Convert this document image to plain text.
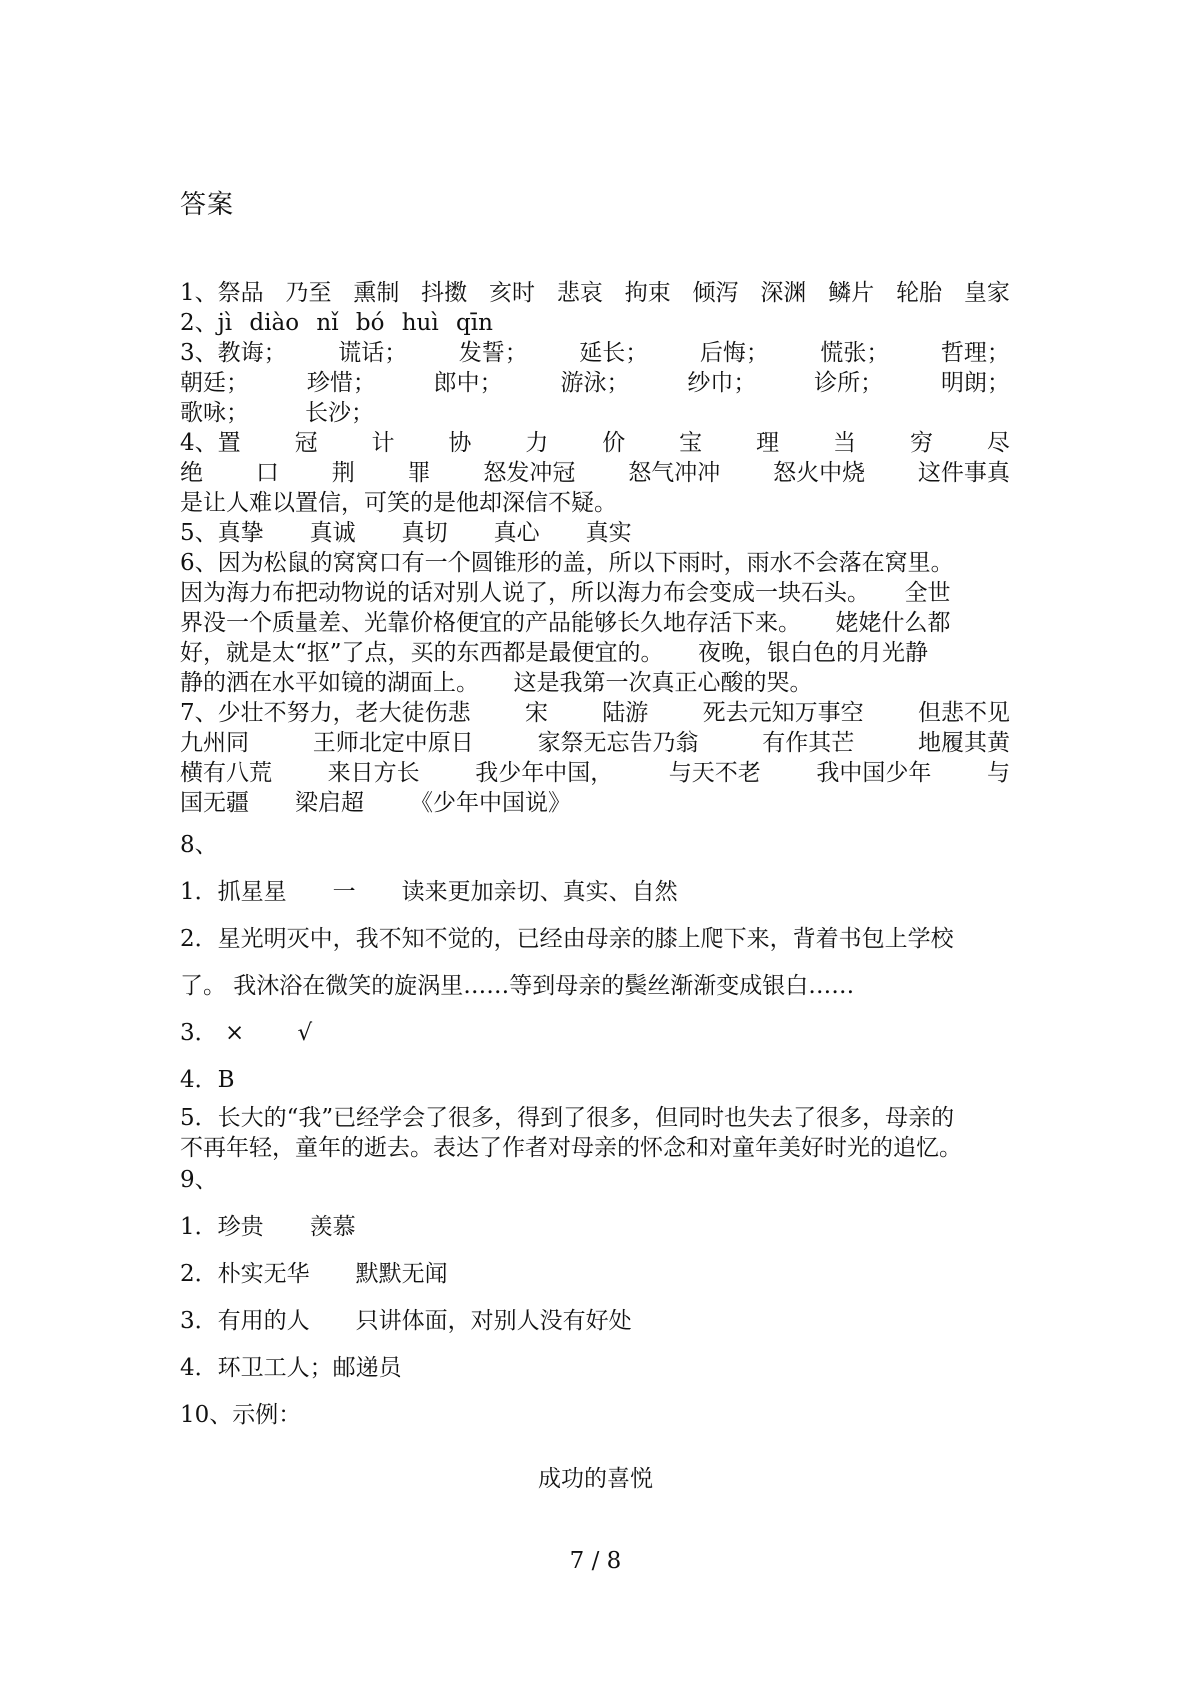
答案
1、祭品 乃至 熏制 抖擞 亥时 悲哀 拘束 倾泻 深渊 鳞片 轮胎 皇家
2、jì diào nǐ bó huì qīn
3、教诲； 谎话； 发誓； 延长； 后悔； 慌张； 哲理；
朝廷；	珍惜；	郎中；	游泳；	纱巾；	诊所；	明朗；
歌咏； 长沙；
4、置 冠 计 协 力 价 宝 理 当 穷 尽
绝 口 荆 罪 怒发冲冠 怒气冲冲 怒火中烧 这件事真
是让人难以置信，可笑的是他却深信不疑。
5、真挚 真诚 真切 真心 真实
6、因为松鼠的窝窝口有一个圆锥形的盖，所以下雨时，雨水不会落在窝里。
因为海力布把动物说的话对别人说了，所以海力布会变成一块石头。　　全世
界没一个质量差、光靠价格便宜的产品能够长久地存活下来。　　姥姥什么都
好，就是太“抠”了点，买的东西都是最便宜的。　　夜晚，银白色的月光静
静的洒在水平如镜的湖面上。　　这是我第一次真正心酸的哭。
7、少壮不努力，老大徒伤悲 宋 陆游 死去元知万事空 但悲不见
九州同	王师北定中原日	家祭无忘告乃翁	有作其芒	地履其黄
横有八荒 来日方长 我少年中国， 与天不老 我中国少年 与
国无疆 梁启超 《少年中国说》
8、
1．抓星星　　一　　读来更加亲切、真实、自然
2．星光明灭中，我不知不觉的，已经由母亲的膝上爬下来，背着书包上学校
了。 我沐浴在微笑的旋涡里……等到母亲的鬓丝渐渐变成银白……
3． ×　　 √
4．B
5．长大的“我”已经学会了很多，得到了很多，但同时也失去了很多，母亲的
不再年轻，童年的逝去。表达了作者对母亲的怀念和对童年美好时光的追忆。
9、
1．珍贵　　羡慕
2．朴实无华　　默默无闻
3．有用的人　　只讲体面，对别人没有好处
4．环卫工人；邮递员
10、示例：
成功的喜悦
7 / 8
